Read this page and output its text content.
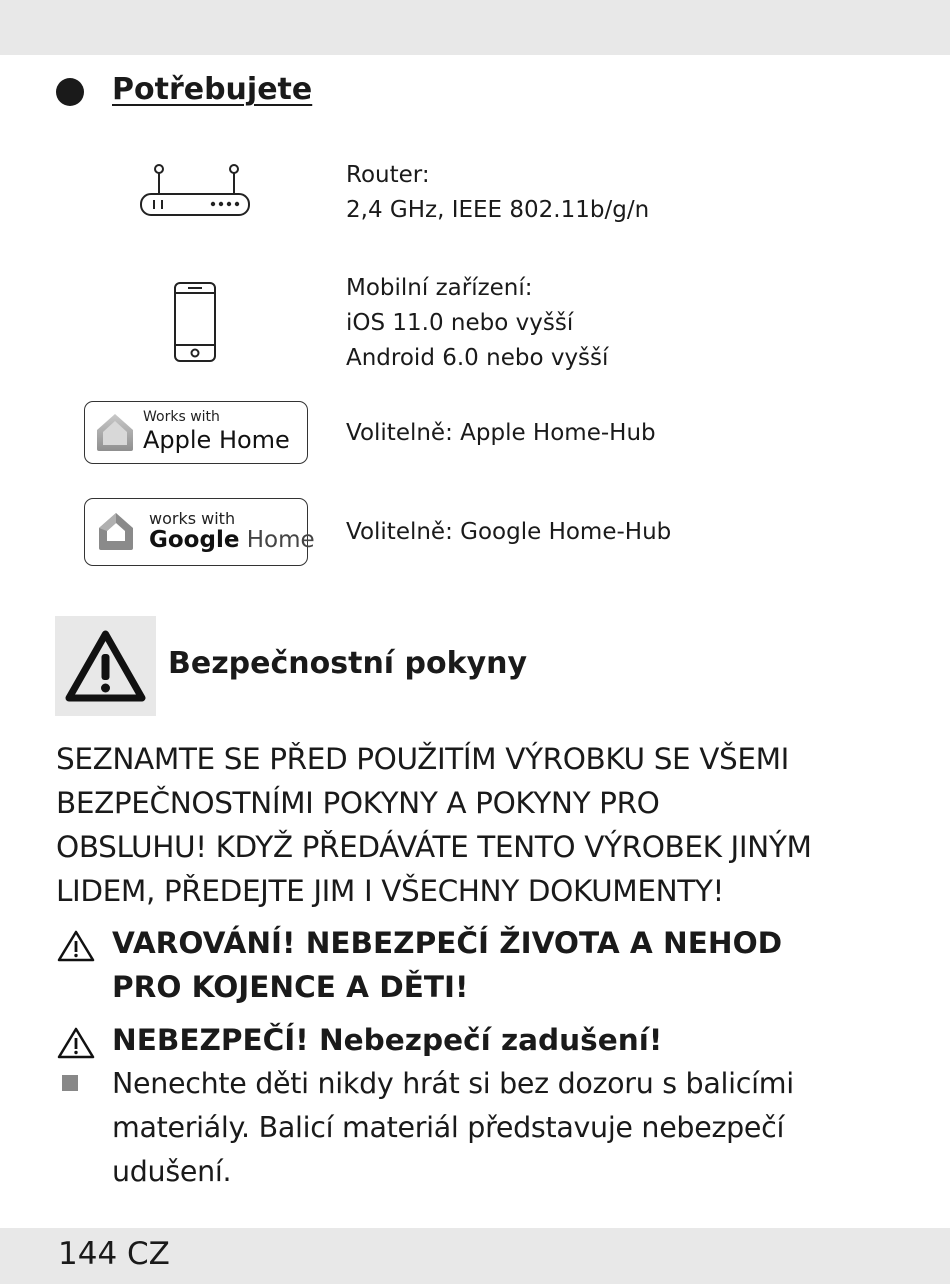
Potřebujete
Router:
2,4 GHz, IEEE 802.11b/g/n
Mobilní zařízení:
iOS 11.0 nebo vyšší
Android 6.0 nebo vyšší
Works with
Apple Home Volitelně: Apple Home-Hub
works with
Google Home Volitelně: Google Home-Hub
Bezpečnostní pokyny
SEZNAMTE SE PŘED POUŽITÍM VÝROBKU SE VŠEMI
BEZPEČNOSTNÍMI POKYNY A POKYNY PRO
OBSLUHU! KDYŽ PŘEDÁVÁTE TENTO VÝROBEK JINÝM
LIDEM, PŘEDEJTE JIM I VŠECHNY DOKUMENTY!
VAROVÁNÍ! NEBEZPEČÍ ŽIVOTA A NEHOD
PRO KOJENCE A DĚTI!
NEBEZPEČÍ! Nebezpečí zadušení!
Nenechte děti nikdy hrát si bez dozoru s balicími
materiály. Balicí materiál představuje nebezpečí
udušení.
144 CZ
